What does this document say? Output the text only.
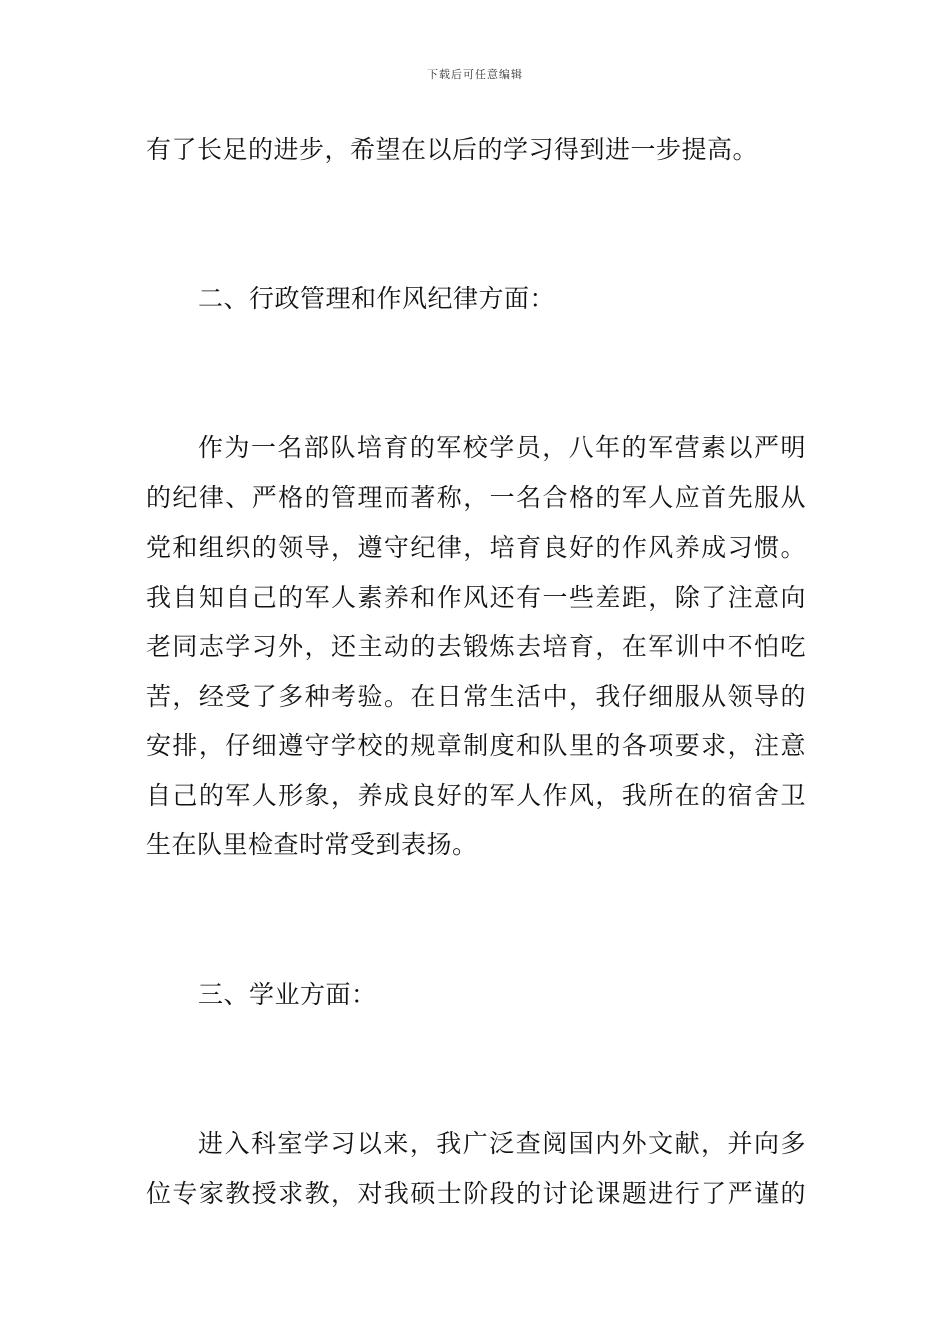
下载后可任意编辑
有了长足的进步，希望在以后的学习得到进一步提高。
二、行政管理和作风纪律方面：
作为一名部队培育的军校学员，八年的军营素以严明
的纪律、严格的管理而著称，一名合格的军人应首先服从
党和组织的领导，遵守纪律，培育良好的作风养成习惯。
我自知自己的军人素养和作风还有一些差距，除了注意向
老同志学习外，还主动的去锻炼去培育，在军训中不怕吃
苦，经受了多种考验。在日常生活中，我仔细服从领导的
安排，仔细遵守学校的规章制度和队里的各项要求，注意
自己的军人形象，养成良好的军人作风，我所在的宿舍卫
生在队里检查时常受到表扬。
三、学业方面：
进入科室学习以来，我广泛查阅国内外文献，并向多
位专家教授求教，对我硕士阶段的讨论课题进行了严谨的
